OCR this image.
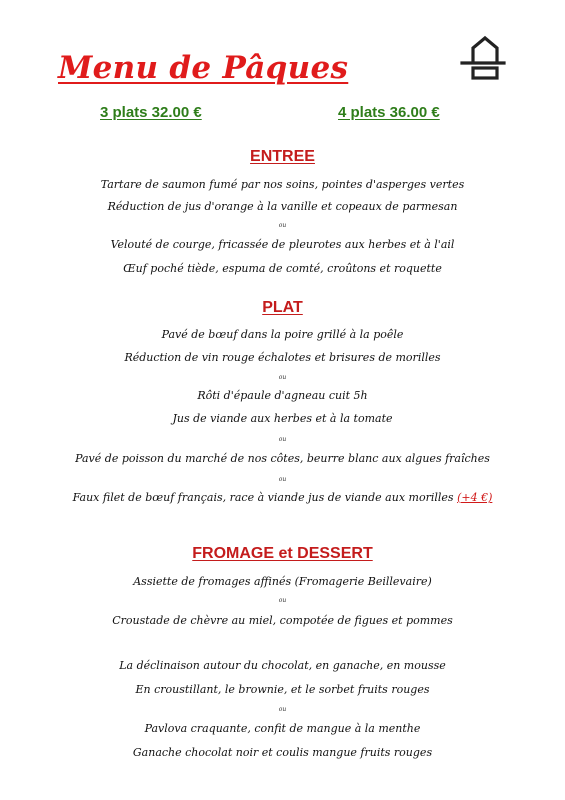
Menu de Pâques

3 plats 32.00 €	4 plats 36.00 €

ENTREE
Tartare de saumon fumé par nos soins, pointes d'asperges vertes
Réduction de jus d'orange à la vanille et copeaux de parmesan
ou
Velouté de courge, fricassée de pleurotes aux herbes et à l'ail
Œuf poché tiède, espuma de comté, croûtons et roquette
PLAT
Pavé de bœuf dans la poire grillé à la poêle
Réduction de vin rouge échalotes et brisures de morilles
ou
Rôti d'épaule d'agneau cuit 5h
Jus de viande aux herbes et à la tomate
ou
Pavé de poisson du marché de nos côtes, beurre blanc aux algues fraîches
ou
Faux filet de bœuf français, race à viande jus de viande aux morilles (+4 €)
FROMAGE et DESSERT
Assiette de fromages affinés (Fromagerie Beillevaire)
ou
Croustade de chèvre au miel, compotée de figues et pommes
La déclinaison autour du chocolat, en ganache, en mousse
En croustillant, le brownie, et le sorbet fruits rouges
ou
Pavlova craquante, confit de mangue à la menthe
Ganache chocolat noir et coulis mangue fruits rouges
